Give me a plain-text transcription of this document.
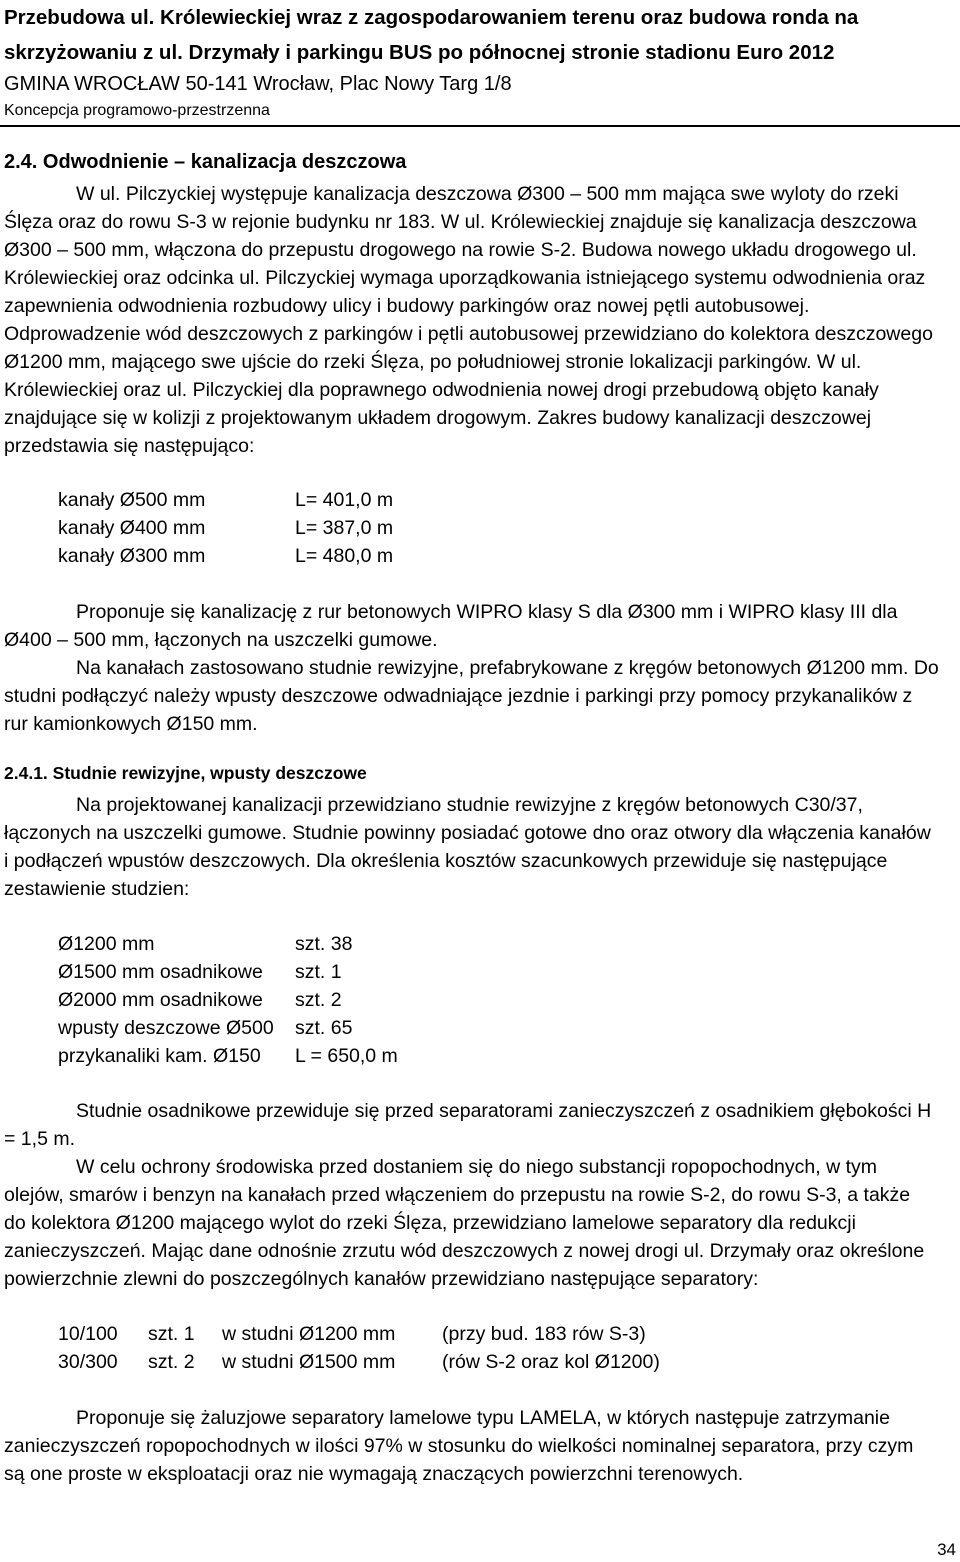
Przebudowa ul. Królewieckiej wraz z zagospodarowaniem terenu oraz budowa ronda na
skrzyżowaniu z ul. Drzymały i parkingu BUS po północnej stronie stadionu Euro 2012
GMINA WROCŁAW 50-141 Wrocław, Plac Nowy Targ 1/8
Koncepcja programowo-przestrzenna
2.4. Odwodnienie – kanalizacja deszczowa
W ul. Pilczyckiej występuje kanalizacja deszczowa Ø300 – 500 mm mająca swe wyloty do rzeki
Ślęza oraz do rowu S-3 w rejonie budynku nr 183. W ul. Królewieckiej znajduje się kanalizacja deszczowa
Ø300 – 500 mm, włączona do przepustu drogowego na rowie S-2. Budowa nowego układu drogowego ul.
Królewieckiej oraz odcinka ul. Pilczyckiej wymaga uporządkowania istniejącego systemu odwodnienia oraz
zapewnienia odwodnienia rozbudowy ulicy i budowy parkingów oraz nowej pętli autobusowej.
Odprowadzenie wód deszczowych z parkingów i pętli autobusowej przewidziano do kolektora deszczowego
Ø1200 mm, mającego swe ujście do rzeki Ślęza, po południowej stronie lokalizacji parkingów. W ul.
Królewieckiej oraz ul. Pilczyckiej dla poprawnego odwodnienia nowej drogi przebudową objęto kanały
znajdujące się w kolizji z projektowanym układem drogowym. Zakres budowy kanalizacji deszczowej
przedstawia się następująco:
kanały Ø500 mm	L= 401,0 m
kanały Ø400 mm	L= 387,0 m
kanały Ø300 mm	L= 480,0 m
Proponuje się kanalizację z rur betonowych WIPRO klasy S dla Ø300 mm i WIPRO klasy III dla
Ø400 – 500 mm, łączonych na uszczelki gumowe.
Na kanałach zastosowano studnie rewizyjne, prefabrykowane z kręgów betonowych Ø1200 mm. Do
studni podłączyć należy wpusty deszczowe odwadniające jezdnie i parkingi przy pomocy przykanalików z
rur kamionkowych Ø150 mm.
2.4.1. Studnie rewizyjne, wpusty deszczowe
Na projektowanej kanalizacji przewidziano studnie rewizyjne z kręgów betonowych C30/37,
łączonych na uszczelki gumowe. Studnie powinny posiadać gotowe dno oraz otwory dla włączenia kanałów
i podłączeń wpustów deszczowych. Dla określenia kosztów szacunkowych przewiduje się następujące
zestawienie studzien:
Ø1200 mm	szt. 38
Ø1500 mm osadnikowe	szt. 1
Ø2000 mm osadnikowe	szt. 2
wpusty deszczowe Ø500	szt. 65
przykanaliki kam. Ø150	L = 650,0 m
Studnie osadnikowe przewiduje się przed separatorami zanieczyszczeń z osadnikiem głębokości H
= 1,5 m.
W celu ochrony środowiska przed dostaniem się do niego substancji ropopochodnych, w tym
olejów, smarów i benzyn na kanałach przed włączeniem do przepustu na rowie S-2, do rowu S-3, a także
do kolektora Ø1200 mającego wylot do rzeki Ślęza, przewidziano lamelowe separatory dla redukcji
zanieczyszczeń. Mając dane odnośnie zrzutu wód deszczowych z nowej drogi ul. Drzymały oraz określone
powierzchnie zlewni do poszczególnych kanałów przewidziano następujące separatory:
10/100	szt. 1	w studni Ø1200 mm	(przy bud. 183 rów S-3)
30/300	szt. 2	w studni Ø1500 mm	(rów S-2 oraz kol Ø1200)
Proponuje się żaluzjowe separatory lamelowe typu LAMELA, w których następuje zatrzymanie
zanieczyszczeń ropopochodnych w ilości 97% w stosunku do wielkości nominalnej separatora, przy czym
są one proste w eksploatacji oraz nie wymagają znaczących powierzchni terenowych.
34
